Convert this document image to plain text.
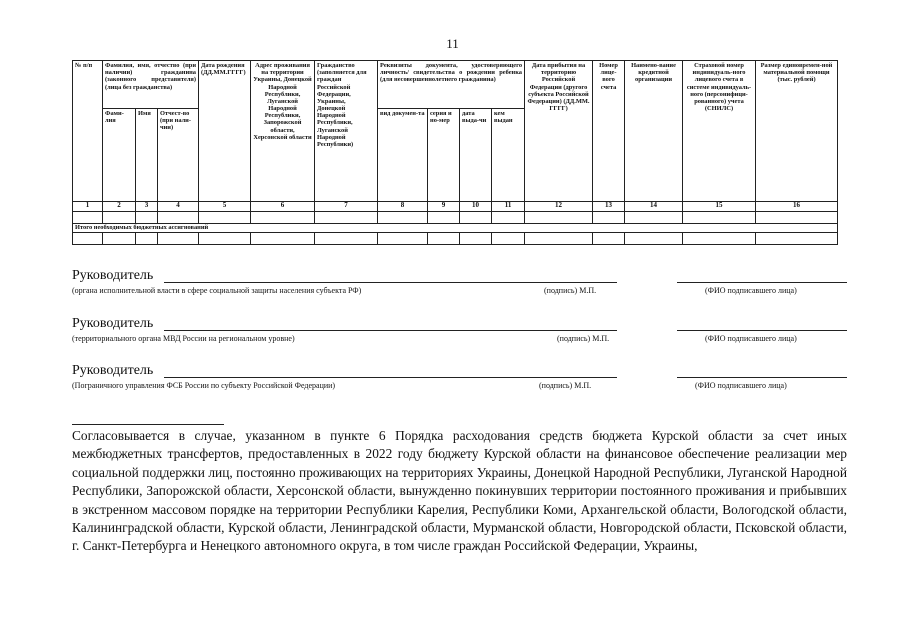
11
№ п/п	Фамилия, имя, отчество (при наличии) гражданина (законного представителя) (лица без гражданства)			Дата рождения (ДД.ММ.ГГГГ)	Адрес проживания на территории Украины, Донецкой Народной Республики, Луганской Народной Республики, Запорожской области, Херсонской области	Гражданство (заполняется для граждан Российской Федерации, Украины, Донецкой Народной Республики, Луганской Народной Республики)	Реквизиты документа, удостоверяющего личность/ свидетельства о рождении ребенка (для несовершеннолетнего гражданина)				Дата прибытия на территорию Российской Федерации (другого субъекта Российской Федерации) (ДД.ММ. ГГГГ)	Номер лице-вого счета	Наимено-вание кредитной организации	Страховой номер индивидуаль-ного лицевого счета в системе индивидуаль-ного (персонифици-рованного) учета (СНИЛС)	Размер единовремен-ной материальной помощи (тыс. рублей)
	Фами-лия	Имя	Отчест-во (при нали-чии)				вид докумен-та	серия и но-мер	дата выда-чи	кем выдан					
1	2	3	4	5	6	7	8	9	10	11	12	13	14	15	16

Итого необходимых бюджетных ассигнований															

Руководитель
(органа исполнительной власти в сфере социальной защиты населения субъекта РФ)	(подпись) М.П.	(ФИО подписавшего лица)
Руководитель
(территориального органа МВД России на региональном уровне)	(подпись) М.П.	(ФИО подписавшего лица)
Руководитель
(Пограничного управления ФСБ России по субъекту Российской Федерации)	(подпись) М.П.	(ФИО подписавшего лица)

Согласовывается в случае, указанном в пункте 6 Порядка расходования средств бюджета Курской области за счет иных межбюджетных трансфертов, предоставленных в 2022 году бюджету Курской области на финансовое обеспечение реализации мер социальной поддержки лиц, постоянно проживающих на территориях Украины, Донецкой Народной Республики, Луганской Народной Республики, Запорожской области, Херсонской области, вынужденно покинувших территории постоянного проживания и прибывших в экстренном массовом порядке на территории Республики Карелия, Республики Коми, Архангельской области, Вологодской области, Калининградской области, Курской области, Ленинградской области, Мурманской области, Новгородской области, Псковской области, г. Санкт-Петербурга и Ненецкого автономного округа, в том числе граждан Российской Федерации, Украины,
